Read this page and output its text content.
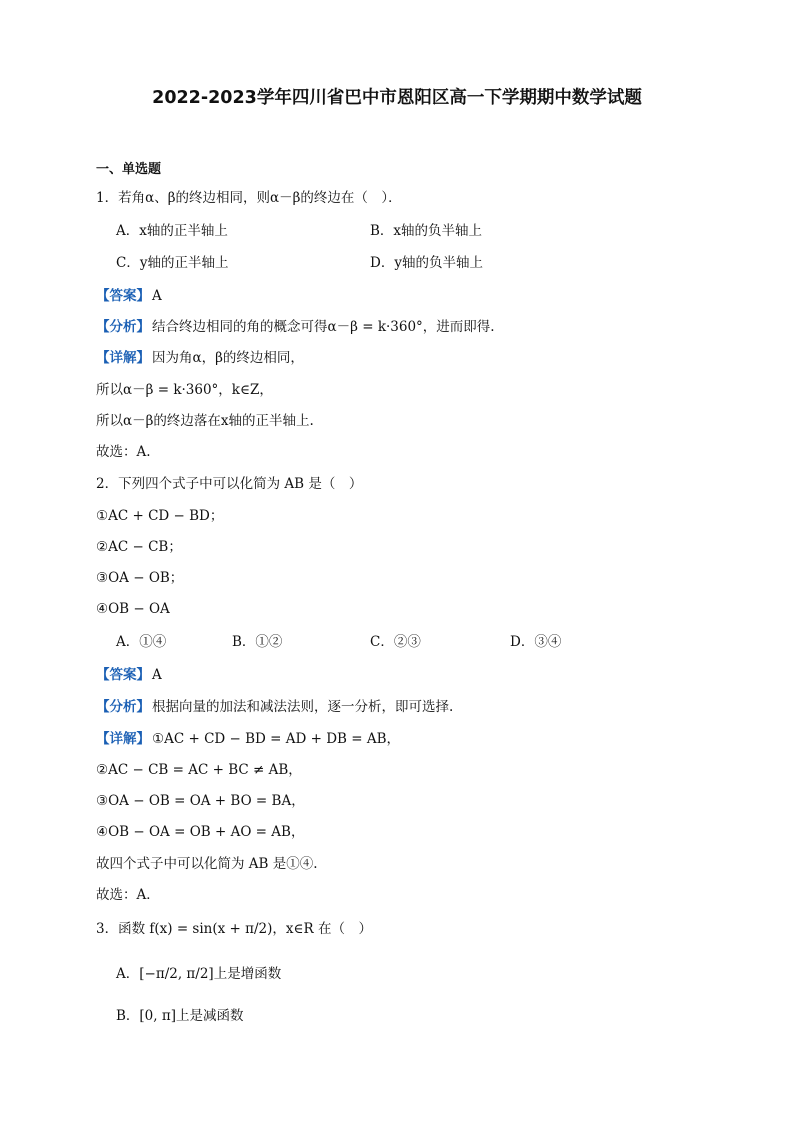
2022-2023学年四川省巴中市恩阳区高一下学期期中数学试题
一、单选题
1．若角α、β的终边相同，则α－β的终边在（　）．
A．x轴的正半轴上	B．x轴的负半轴上
C．y轴的正半轴上	D．y轴的负半轴上
【答案】 A
【分析】 结合终边相同的角的概念可得α－β = k·360°，进而即得.
【详解】 因为角α，β的终边相同，
所以α－β = k·360°，k∈Z，
所以α－β的终边落在x轴的正半轴上.
故选：A.
2．下列四个式子中可以化简为 AB 是（　）
①AC + CD − BD；
②AC − CB；
③OA − OB；
④OB − OA
A．①④	B．①②	C．②③	D．③④
【答案】 A
【分析】 根据向量的加法和减法法则，逐一分析，即可选择.
【详解】 ①AC + CD − BD = AD + DB = AB，
②AC − CB = AC + BC ≠ AB，
③OA − OB = OA + BO = BA，
④OB − OA = OB + AO = AB，
故四个式子中可以化简为 AB 是①④.
故选：A．
3．函数 f(x) = sin(x + π/2)，x∈R 在（　）
A．[−π/2, π/2]上是增函数
B．[0, π]上是减函数
